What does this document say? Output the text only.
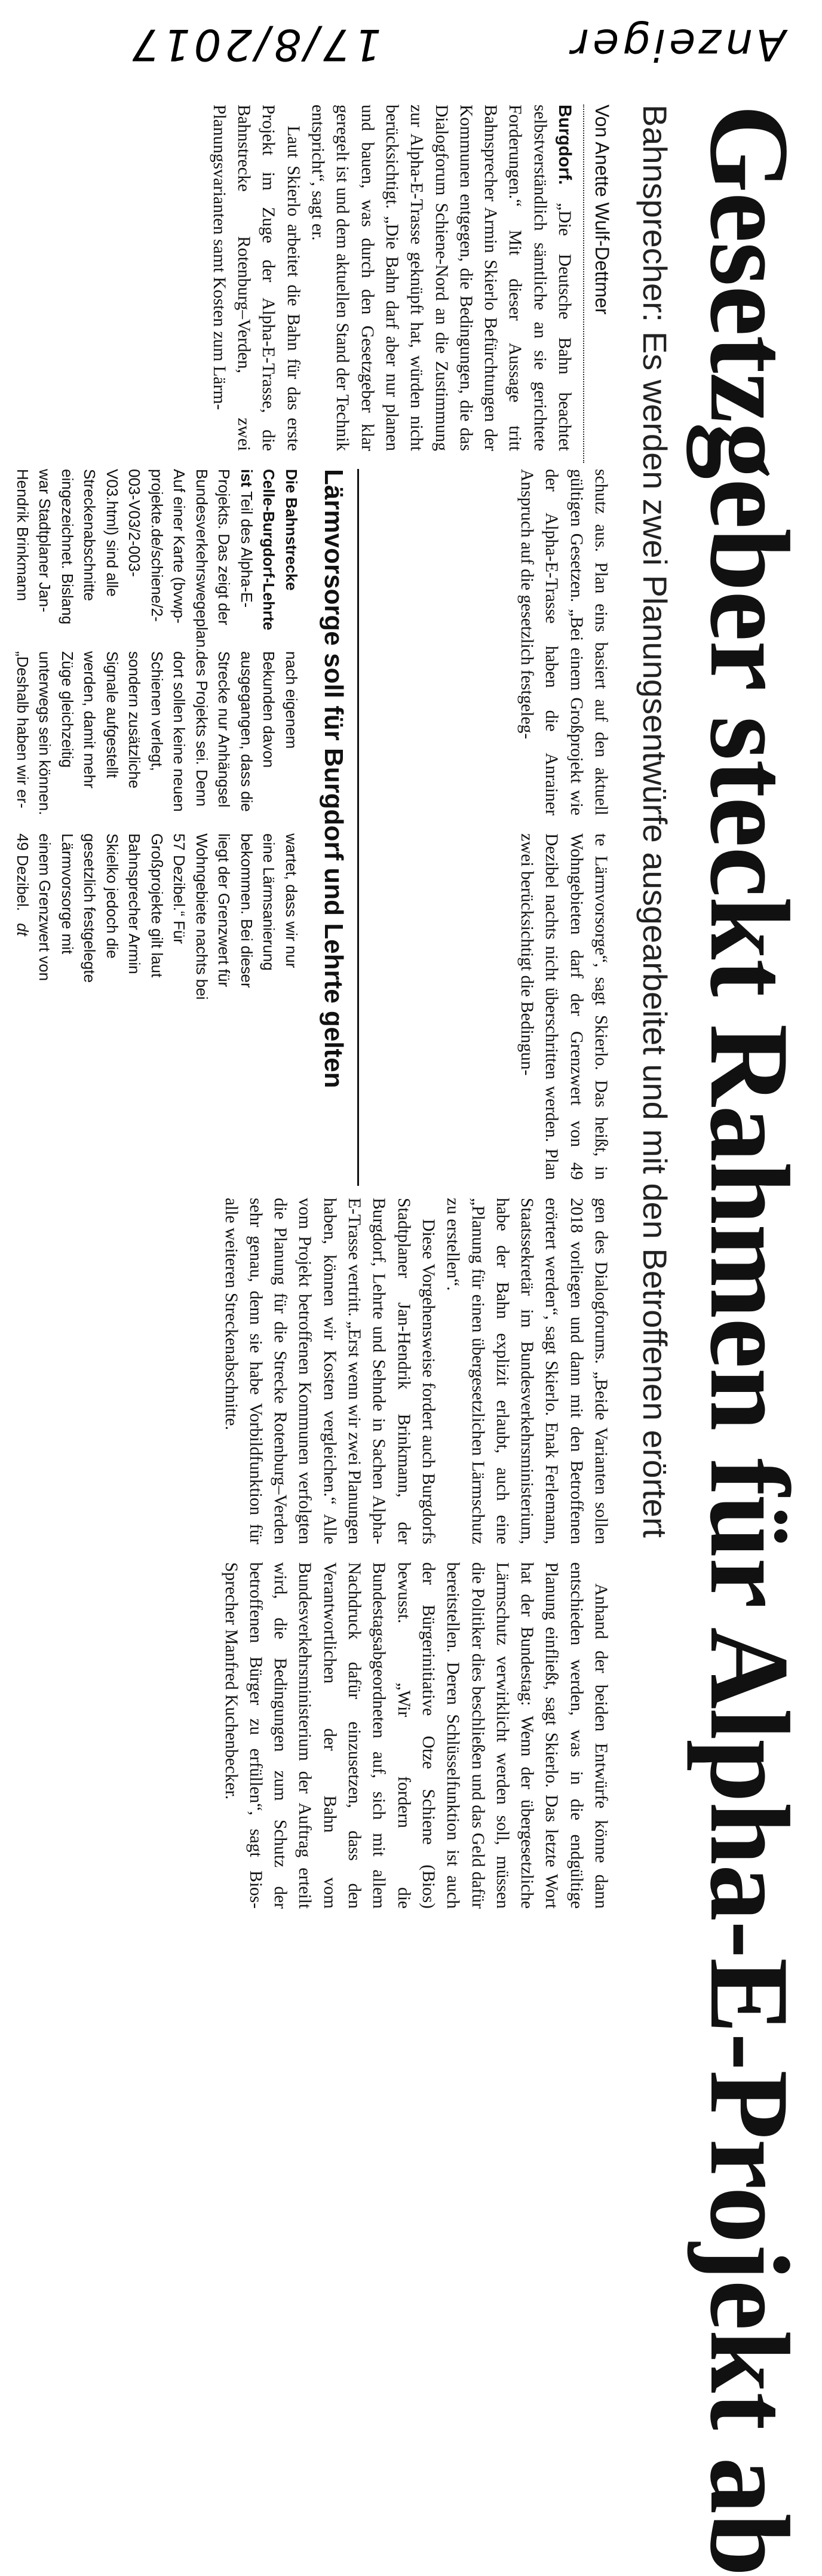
Anzeiger
17/8/2017
Gesetzgeber steckt Rahmen für Alpha-E-Projekt ab
Bahnsprecher: Es werden zwei Planungsentwürfe ausgearbeitet und mit den Betroffenen erörtert
Von Anette Wulf-Dettmer

Burgdorf. „Die Deutsche Bahn beachtet selbstverständlich sämtliche an sie gerichtete Forderungen.“ Mit dieser Aussage tritt Bahnsprecher Armin Skierlo Befürchtungen der Kommunen entgegen, die Bedingungen, die das Dialogforum Schiene-Nord an die Zustimmung zur Alpha-E-Trasse geknüpft hat, würden nicht berücksichtigt. „Die Bahn darf aber nur planen und bauen, was durch den Gesetzgeber klar geregelt ist und dem aktuellen Stand der Technik entspricht“, sagt er.

Laut Skierlo arbeitet die Bahn für das erste Projekt im Zuge der Alpha-E-Trasse, die Bahnstrecke Rotenburg–Verden, zwei Planungsvarianten samt Kosten zum Lärm-

schutz aus. Plan eins basiert auf den aktuell gültigen Gesetzen. „Bei einem Großprojekt wie der Alpha-E-Trasse haben die Anrainer Anspruch auf die gesetzlich festgeleg-

te Lärmvorsorge“, sagt Skierlo. Das heißt, in Wohngebieten darf der Grenzwert von 49 Dezibel nachts nicht überschritten werden. Plan zwei berücksichtigt die Bedingun-

gen des Dialogforums. „Beide Varianten sollen 2018 vorliegen und dann mit den Betroffenen erörtert werden“, sagt Skierlo. Enak Ferlemann, Staatssekretär im Bundesverkehrsministerium, habe der Bahn explizit erlaubt, auch eine „Planung für einen übergesetzlichen Lärmschutz zu erstellen“.

Diese Vorgehensweise fordert auch Burgdorfs Stadtplaner Jan-Hendrik Brinkmann, der Burgdorf, Lehrte und Sehnde in Sachen Alpha-E-Trasse vertritt. „Erst wenn wir zwei Planungen haben, können wir Kosten vergleichen.“ Alle vom Projekt betroffenen Kommunen verfolgten die Planung für die Strecke Rotenburg–Verden sehr genau, denn sie habe Vorbildfunktion für alle weiteren Streckenabschnitte.

Anhand der beiden Entwürfe könne dann entschieden werden, was in die endgültige Planung einfließt, sagt Skierlo. Das letzte Wort hat der Bundestag: Wenn der übergesetzliche Lärmschutz verwirklicht werden soll, müssen die Politiker dies beschließen und das Geld dafür bereitstellen. Deren Schlüsselfunktion ist auch der Bürgerinitiative Otze Schiene (Bios) bewusst. „Wir fordern die Bundestagsabgeordneten auf, sich mit allem Nachdruck dafür einzusetzen, dass den Verantwortlichen der Bahn vom Bundesverkehrsministerium der Auftrag erteilt wird, die Bedingungen zum Schutz der betroffenen Bürger zu erfüllen“, sagt Bios-Sprecher Manfred Kuchenbecker.

Lärmvorsorge soll für Burgdorf und Lehrte gelten

Die Bahnstrecke Celle-Burgdorf-Lehrte ist Teil des Alpha-E-Projekts. Das zeigt der Bundesverkehrswegeplan. Auf einer Karte (bvwp-projekte.de/schiene/2-003-V03/2-003-V03.html) sind alle Streckenabschnitte eingezeichnet. Bislang war Stadtplaner Jan-Hendrik Brinkmann

nach eigenem Bekunden davon ausgegangen, dass die Strecke nur Anhängsel des Projekts sei. Denn dort sollen keine neuen Schienen verlegt, sondern zusätzliche Signale aufgestellt werden, damit mehr Züge gleichzeitig unterwegs sein können. „Deshalb haben wir er-

wartet, dass wir nur eine Lärmsanierung bekommen. Bei dieser liegt der Grenzwert für Wohngebiete nachts bei 57 Dezibel.“ Für Großprojekte gilt laut Bahnsprecher Armin Skielko jedoch die gesetzlich festgelegte Lärmvorsorge mit einem Grenzwert von 49 Dezibel.dt
